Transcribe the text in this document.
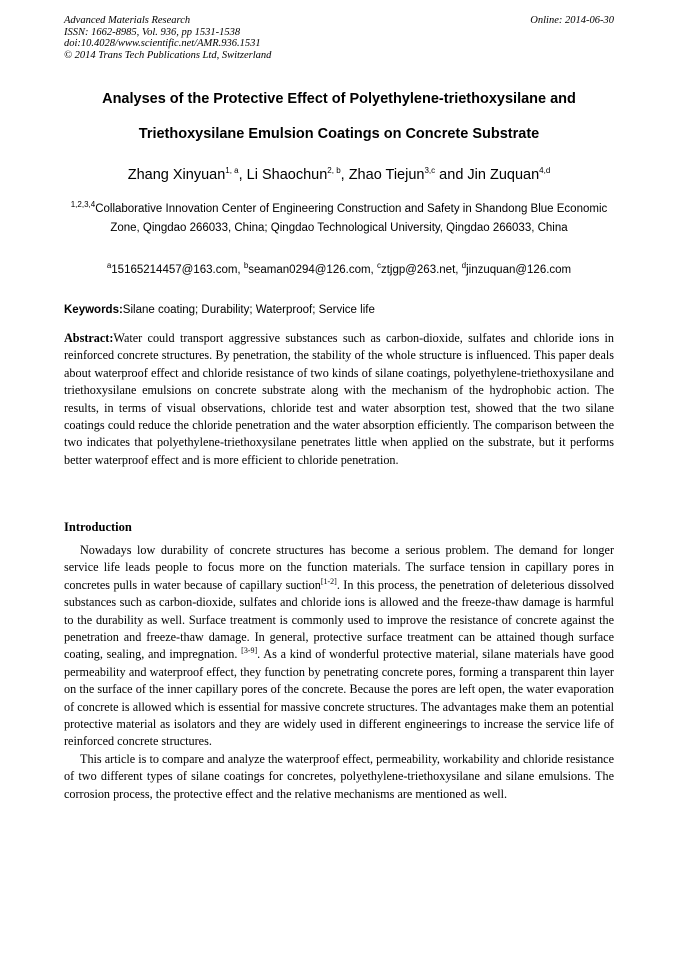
Advanced Materials Research
ISSN: 1662-8985, Vol. 936, pp 1531-1538
doi:10.4028/www.scientific.net/AMR.936.1531
© 2014 Trans Tech Publications Ltd, Switzerland
Online: 2014-06-30
Analyses of the Protective Effect of Polyethylene-triethoxysilane and
Triethoxysilane Emulsion Coatings on Concrete Substrate
Zhang Xinyuan$^{1, a}$, Li Shaochun$^{2, b}$, Zhao Tiejun$^{3,c}$ and Jin Zuquan$^{4,d}$
$^{1,2,3,4}$Collaborative Innovation Center of Engineering Construction and Safety in Shandong Blue Economic Zone, Qingdao 266033, China; Qingdao Technological University, Qingdao 266033, China
$^a$15165214457@163.com, $^b$seaman0294@126.com, $^c$ztjgp@263.net, $^d$jinzuquan@126.com
Keywords:Silane coating; Durability; Waterproof; Service life
Abstract:Water could transport aggressive substances such as carbon-dioxide, sulfates and chloride ions in reinforced concrete structures. By penetration, the stability of the whole structure is influenced. This paper deals about waterproof effect and chloride resistance of two kinds of silane coatings, polyethylene-triethoxysilane and triethoxysilane emulsions on concrete substrate along with the mechanism of the hydrophobic action. The results, in terms of visual observations, chloride test and water absorption test, showed that the two silane coatings could reduce the chloride penetration and the water absorption efficiently. The comparison between the two indicates that polyethylene-triethoxysilane penetrates little when applied on the substrate, but it performs better waterproof effect and is more efficient to chloride penetration.
Introduction

Nowadays low durability of concrete structures has become a serious problem. The demand for longer service life leads people to focus more on the function materials. The surface tension in capillary pores in concretes pulls in water because of capillary suction[1-2]. In this process, the penetration of deleterious dissolved substances such as carbon-dioxide, sulfates and chloride ions is allowed and the freeze-thaw damage is harmful to the durability as well. Surface treatment is commonly used to improve the resistance of concrete against the penetration and freeze-thaw damage. In general, protective surface treatment can be attained though surface coating, sealing, and impregnation. [3-9]. As a kind of wonderful protective material, silane materials have good permeability and waterproof effect, they function by penetrating concrete pores, forming a transparent thin layer on the surface of the inner capillary pores of the concrete. Because the pores are left open, the water evaporation of concrete is allowed which is essential for massive concrete structures. The advantages make them an potential protective material as isolators and they are widely used in different engineerings to increase the service life of reinforced concrete structures.

This article is to compare and analyze the waterproof effect, permeability, workability and chloride resistance of two different types of silane coatings for concretes, polyethylene-triethoxysilane and silane emulsions. The corrosion process, the protective effect and the relative mechanisms are mentioned as well.
